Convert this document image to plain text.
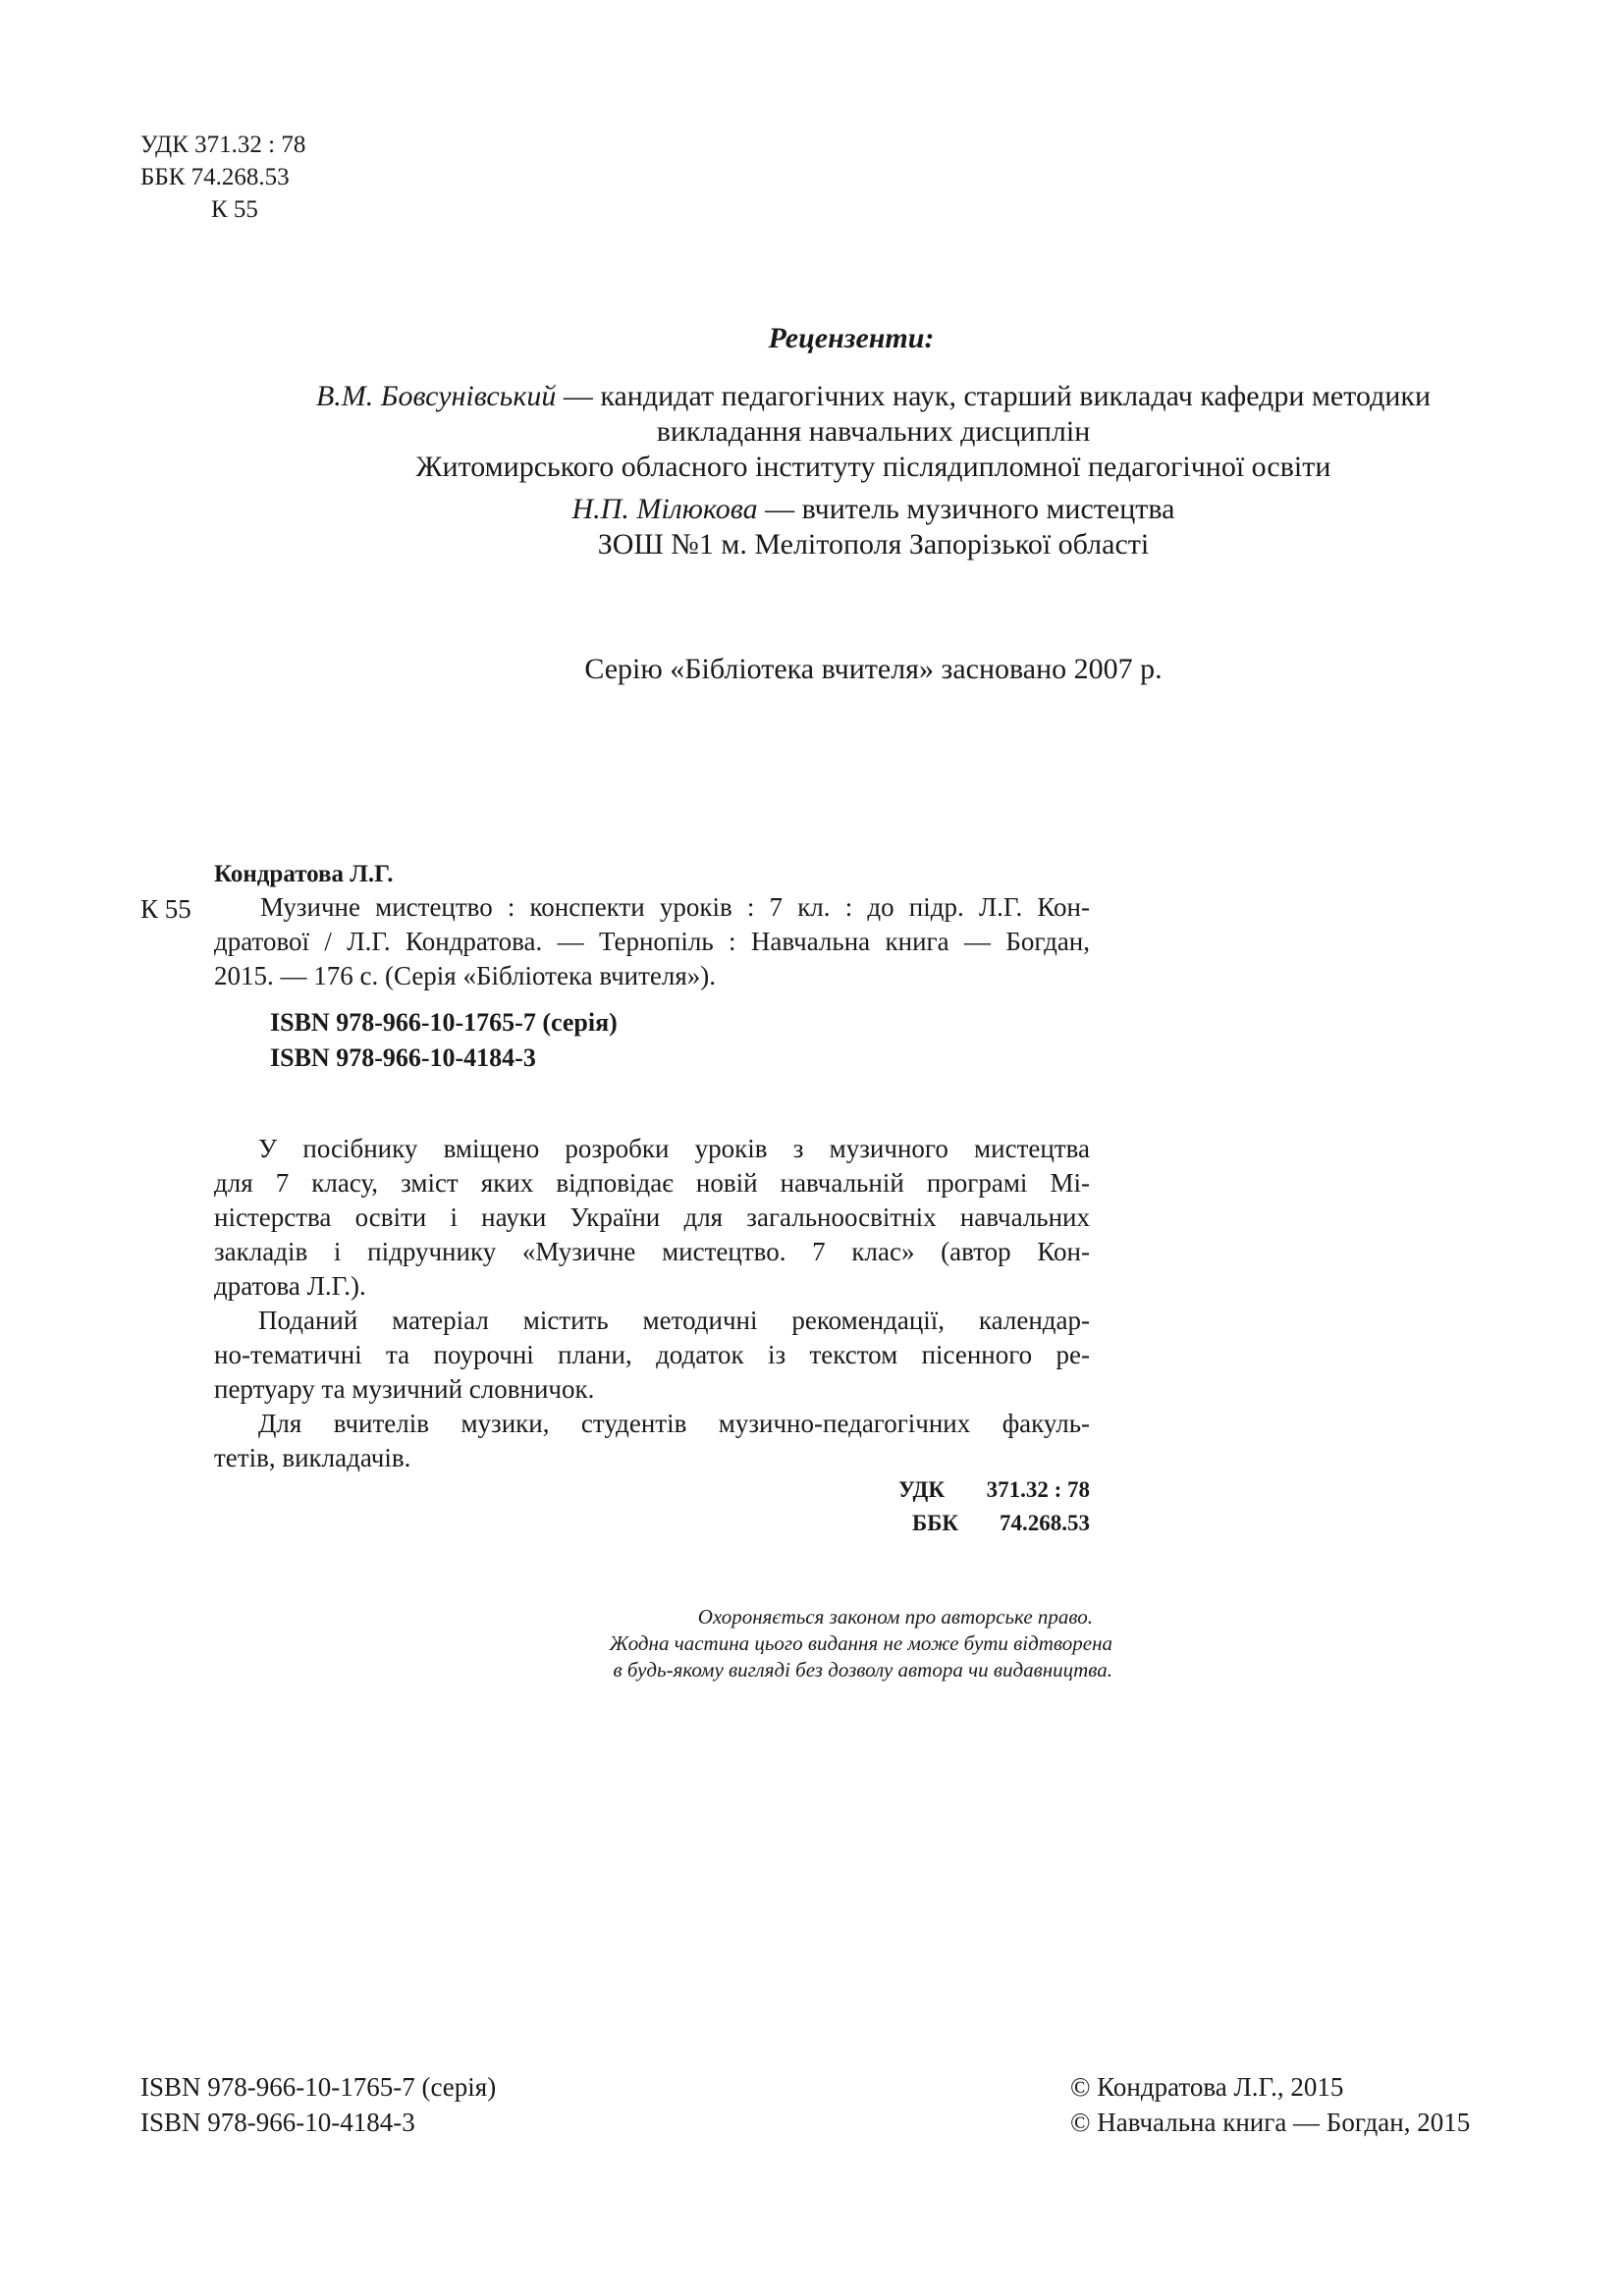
УДК 371.32 : 78
ББК 74.268.53
К 55
Рецензенти:
В.М. Бовсунівський — кандидат педагогічних наук, старший викладач кафедри методики
викладання навчальних дисциплін
Житомирського обласного інституту післядипломної педагогічної освіти
Н.П. Мілюкова — вчитель музичного мистецтва
ЗОШ №1 м. Мелітополя Запорізької області
Серію «Бібліотека вчителя» засновано 2007 р.
Кондратова Л.Г.
К 55	Музичне мистецтво : конспекти уроків : 7 кл. : до підр. Л.Г. Кон-
дратової / Л.Г. Кондратова. — Тернопіль : Навчальна книга — Богдан,
2015. — 176 с. (Серія «Бібліотека вчителя»).
ISBN 978-966-10-1765-7 (серія)
ISBN 978-966-10-4184-3
У посібнику вміщено розробки уроків з музичного мистецтва
для 7 класу, зміст яких відповідає новій навчальній програмі Мі-
ністерства освіти і науки України для загальноосвітніх навчальних
закладів і підручнику «Музичне мистецтво. 7 клас» (автор Кон-
дратова Л.Г.).
Поданий матеріал містить методичні рекомендації, календар-
но-тематичні та поурочні плани, додаток із текстом пісенного ре-
пертуару та музичний словничок.
Для вчителів музики, студентів музично-педагогічних факуль-
тетів, викладачів.
УДК 371.32 : 78
ББК 74.268.53
Охороняється законом про авторське право.
Жодна частина цього видання не може бути відтворена
в будь-якому вигляді без дозволу автора чи видавництва.
ISBN 978-966-10-1765-7 (серія)
ISBN 978-966-10-4184-3
© Кондратова Л.Г., 2015
© Навчальна книга — Богдан, 2015
